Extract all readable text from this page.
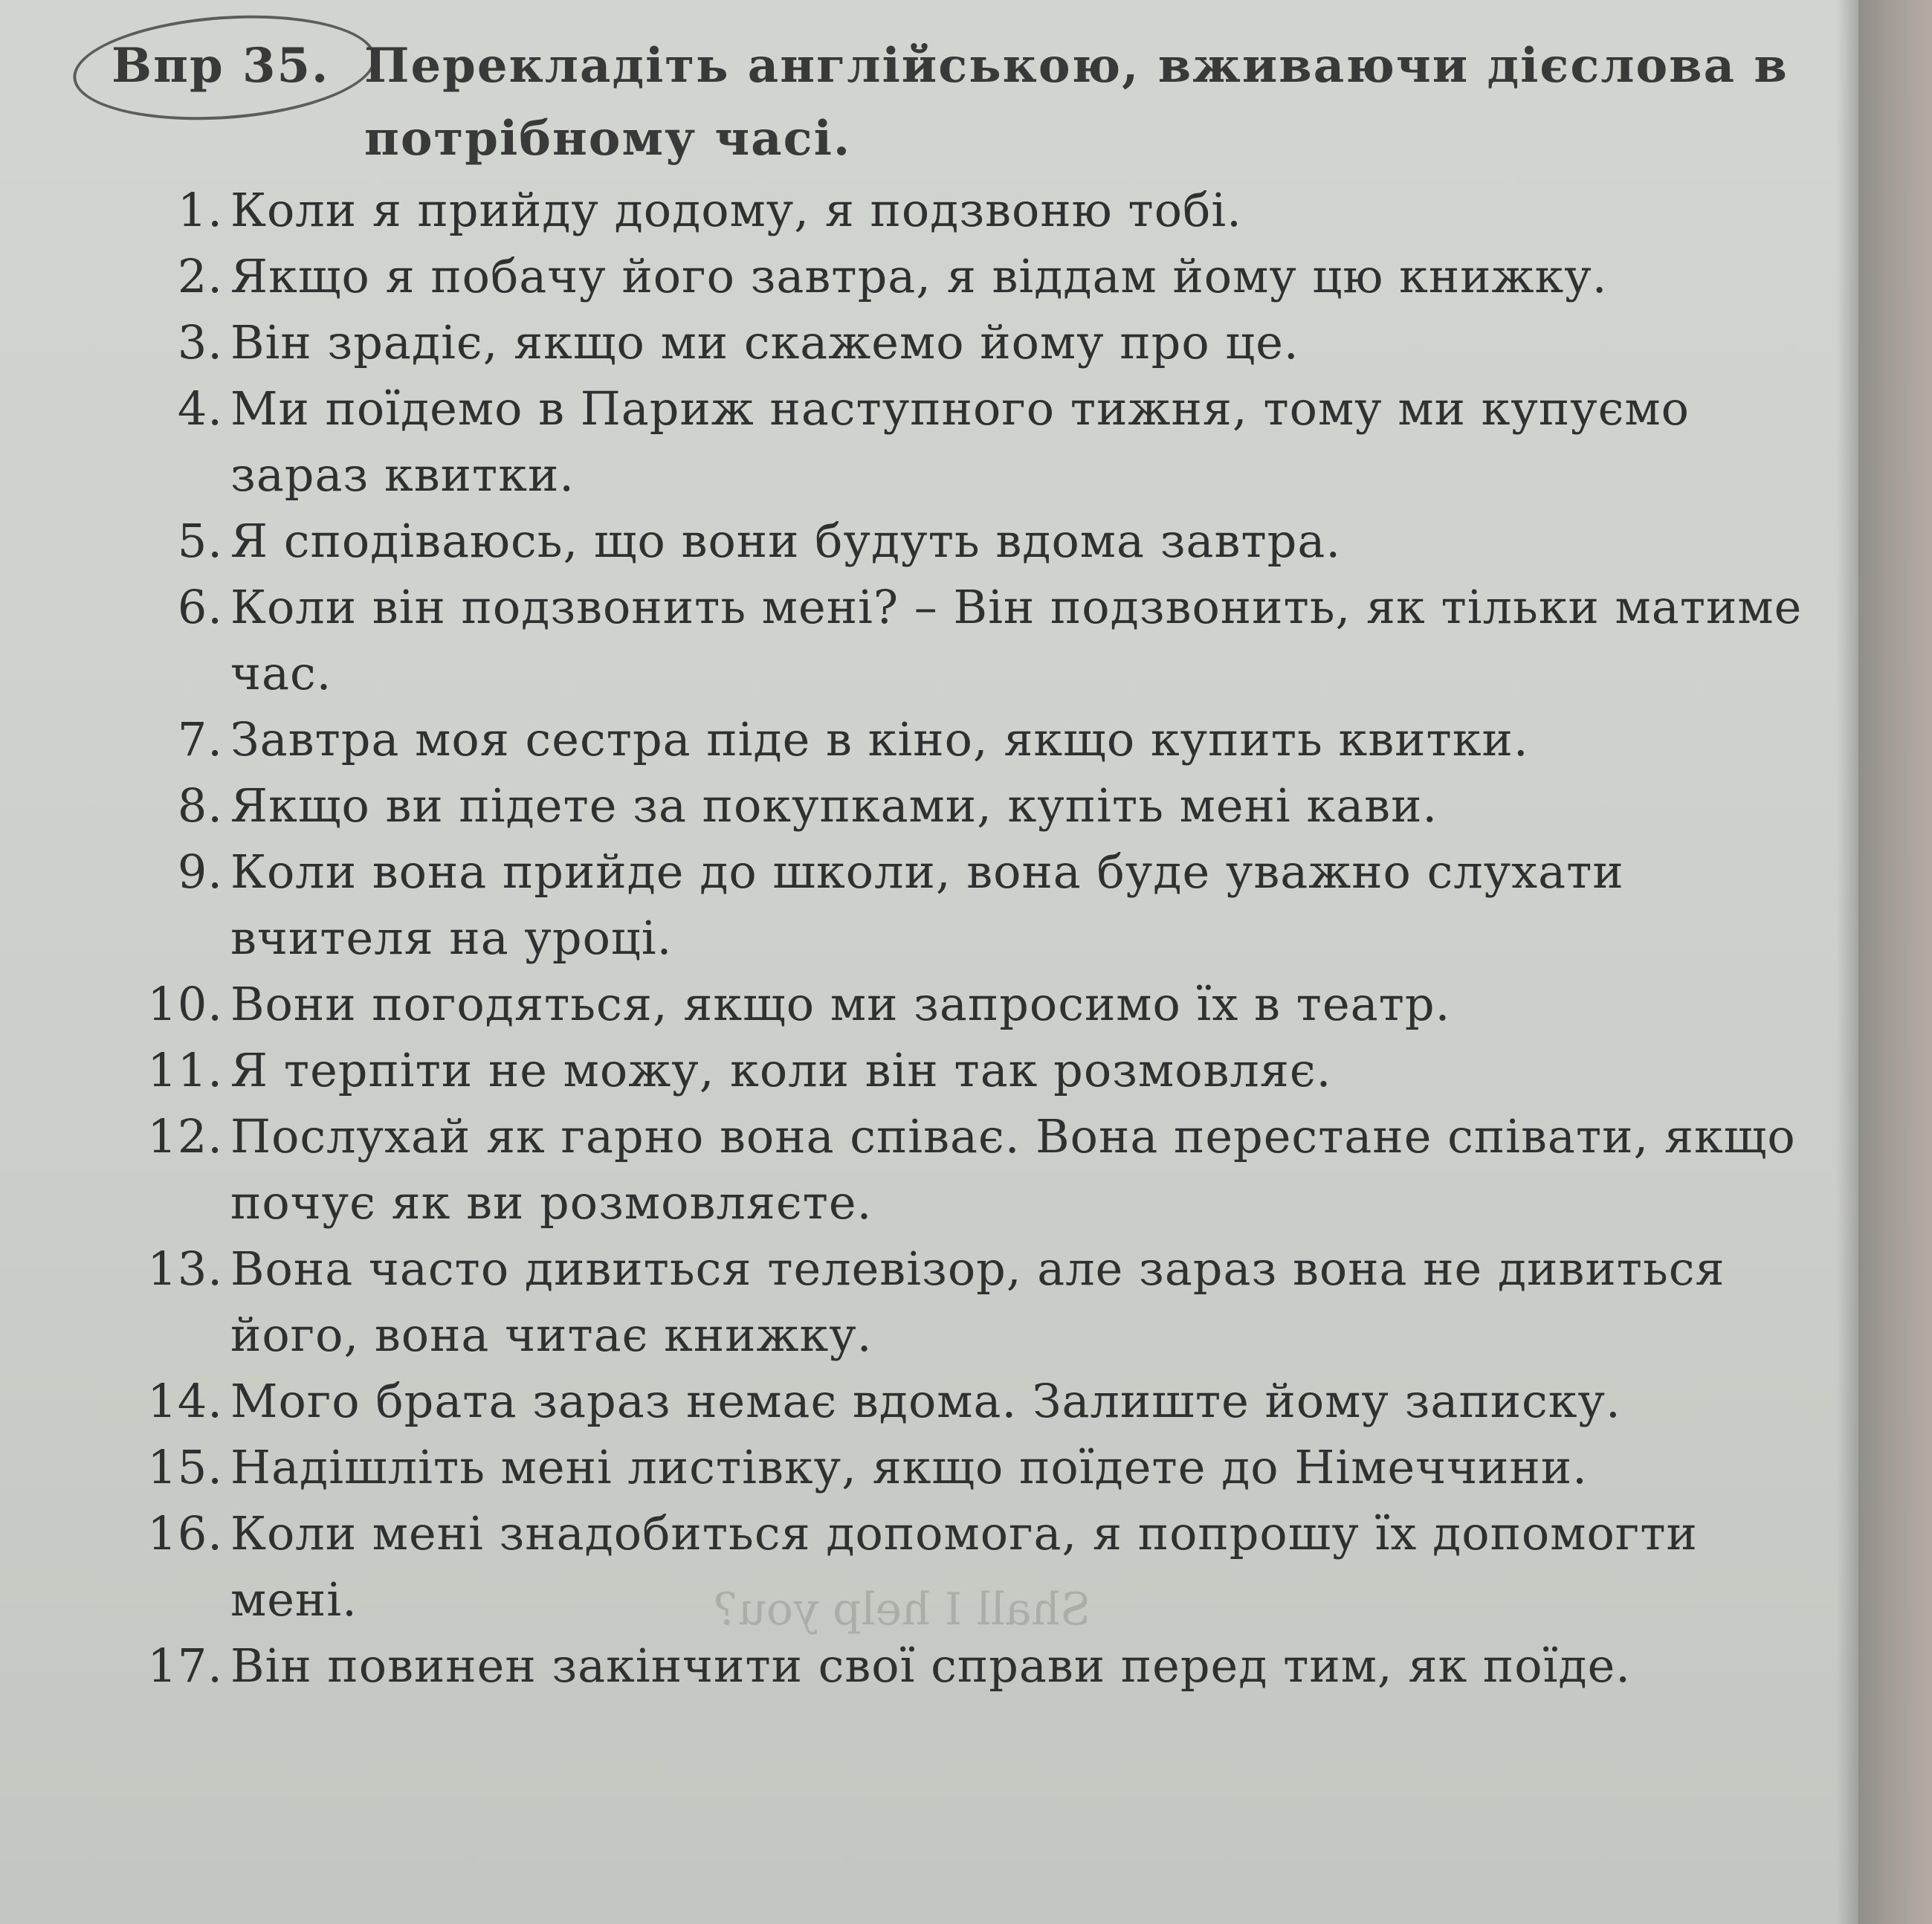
Впр 35. Перекладіть англійською, вживаючи дієслова в
потрібному часі.
1. Коли я прийду додому, я подзвоню тобі.
2. Якщо я побачу його завтра, я віддам йому цю книжку.
3. Він зрадіє, якщо ми скажемо йому про це.
4. Ми поїдемо в Париж наступного тижня, тому ми купуємо зараз квитки.
5. Я сподіваюсь, що вони будуть вдома завтра.
6. Коли він подзвонить мені? – Він подзвонить, як тільки матиме час.
7. Завтра моя сестра піде в кіно, якщо купить квитки.
8. Якщо ви підете за покупками, купіть мені кави.
9. Коли вона прийде до школи, вона буде уважно слухати вчителя на уроці.
10. Вони погодяться, якщо ми запросимо їх в театр.
11. Я терпіти не можу, коли він так розмовляє.
12. Послухай як гарно вона співає. Вона перестане співати, якщо почує як ви розмовляєте.
13. Вона часто дивиться телевізор, але зараз вона не дивиться його, вона читає книжку.
14. Мого брата зараз немає вдома. Залиште йому записку.
15. Надішліть мені листівку, якщо поїдете до Німеччини.
16. Коли мені знадобиться допомога, я попрошу їх допомогти мені.
17. Він повинен закінчити свої справи перед тим, як поїде.
Shall I help you?
